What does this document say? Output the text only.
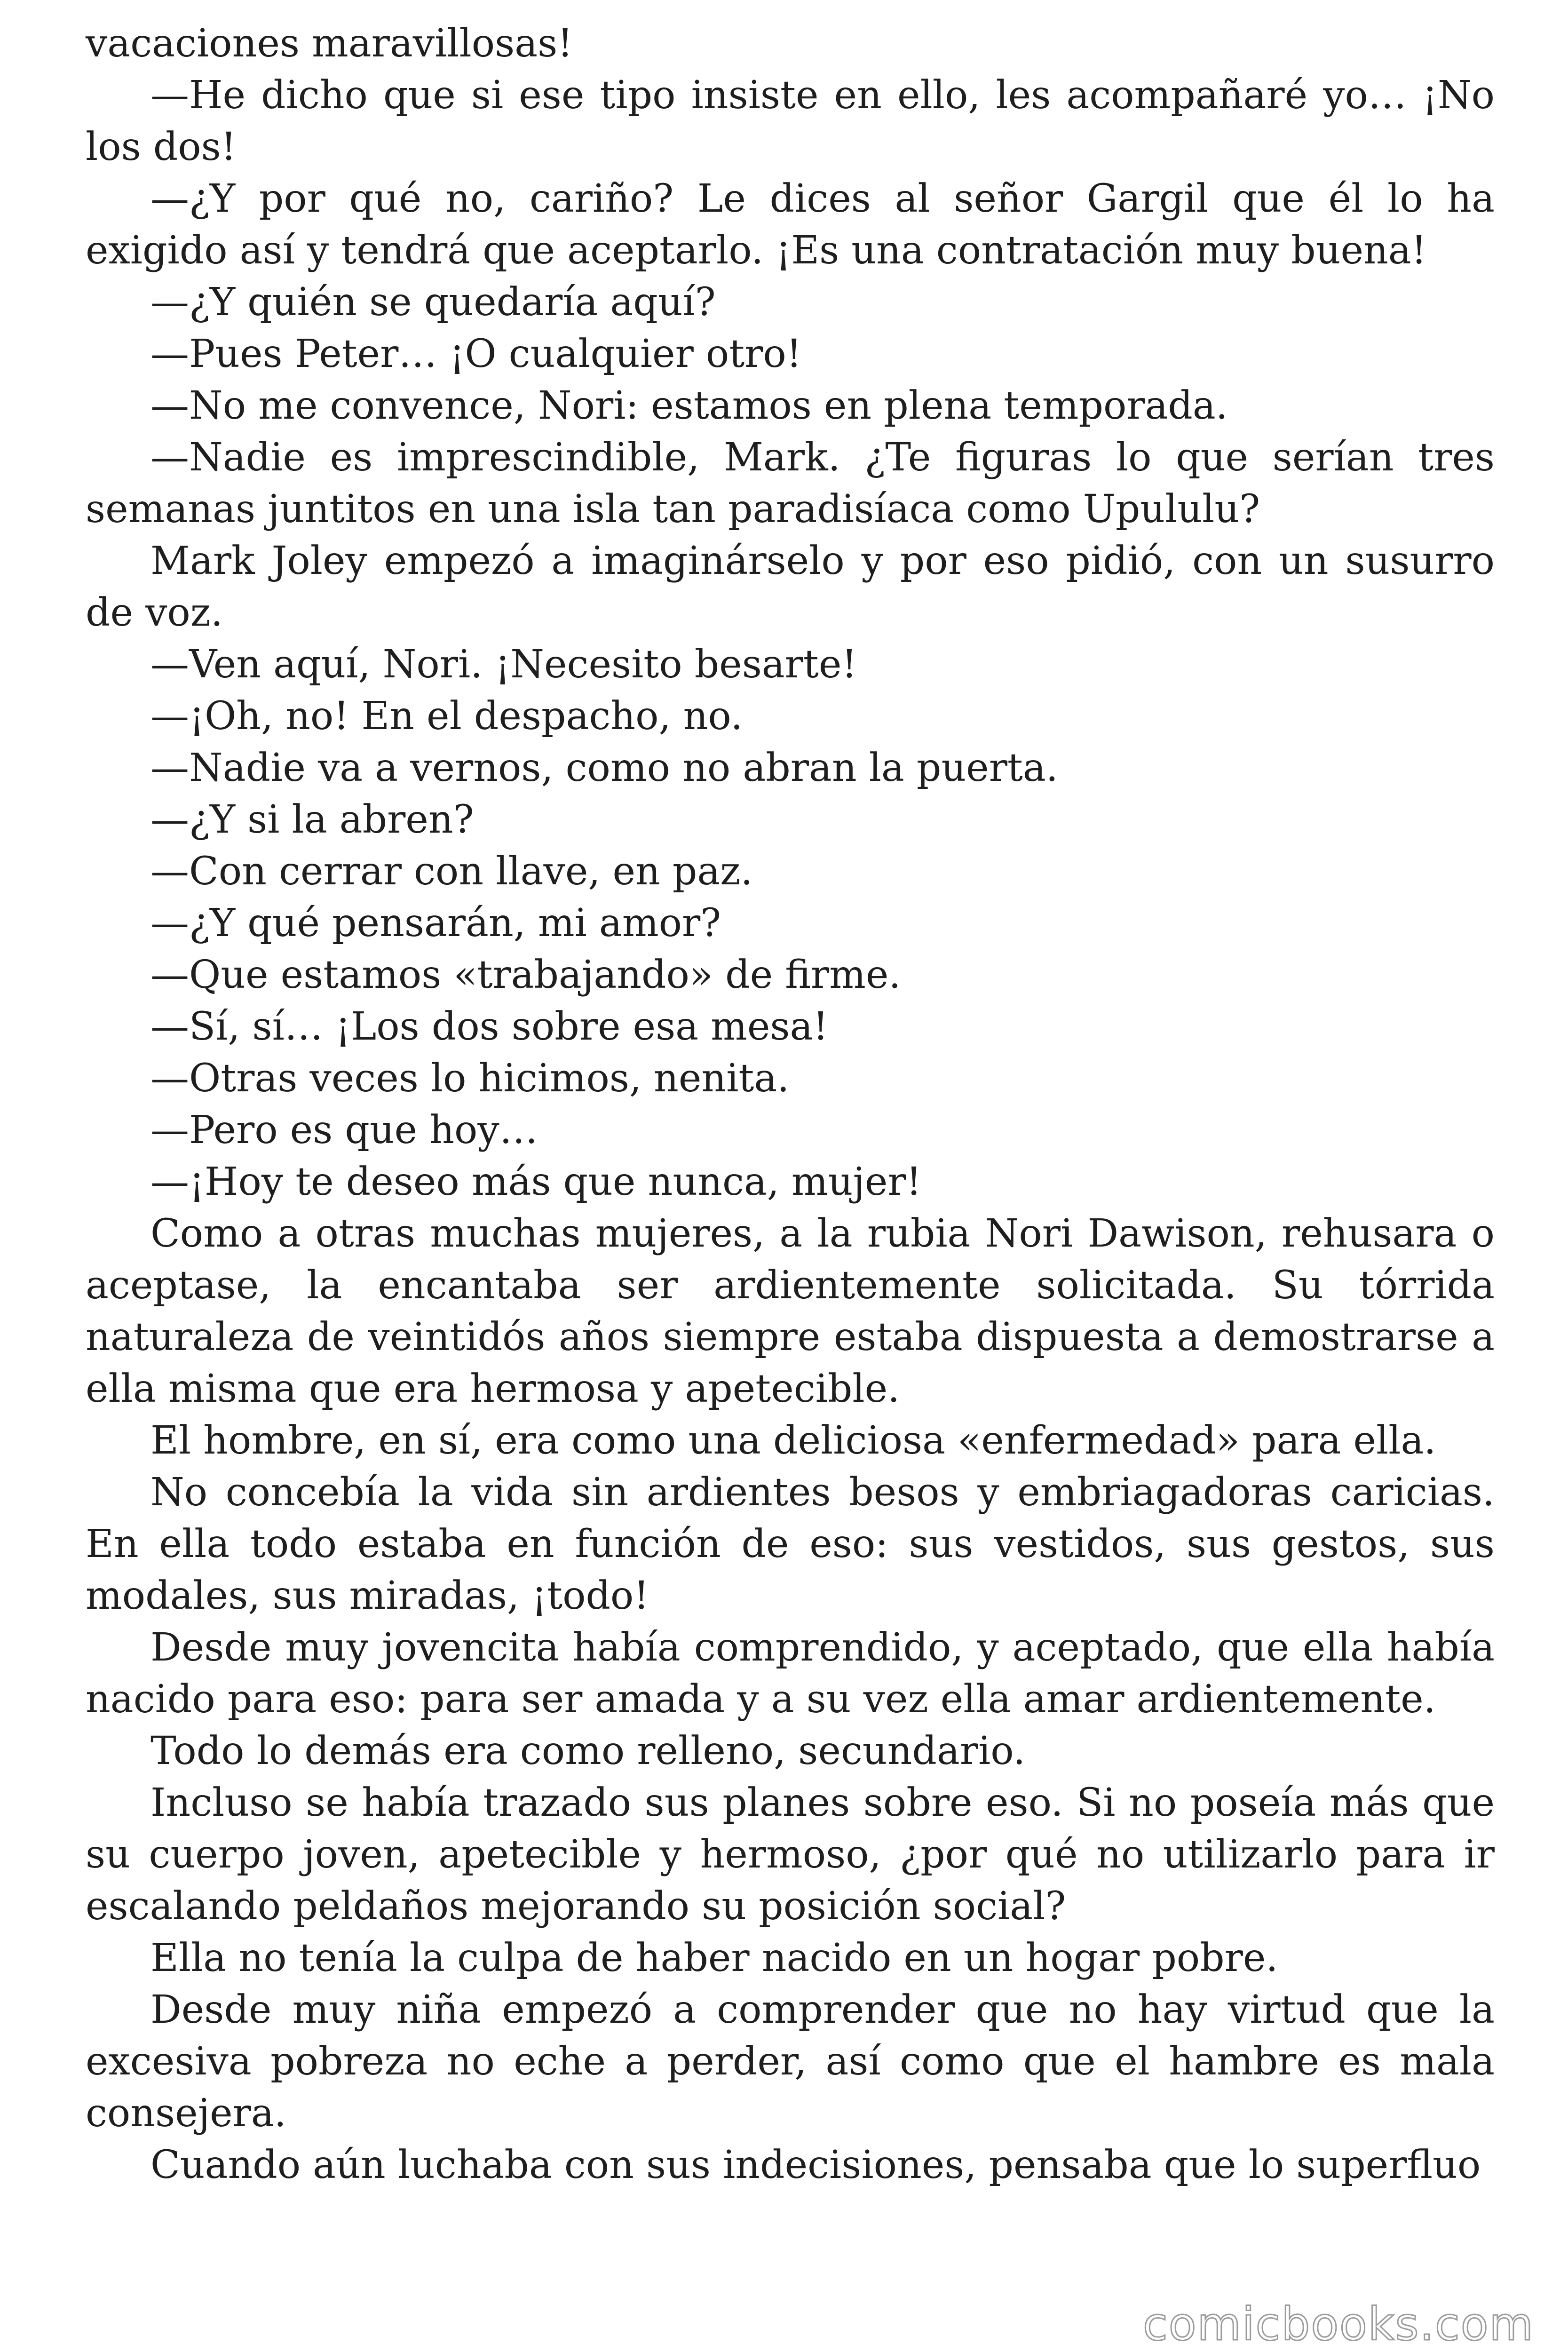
vacaciones maravillosas!

—He dicho que si ese tipo insiste en ello, les acompañaré yo… ¡No los dos!

—¿Y por qué no, cariño? Le dices al señor Gargil que él lo ha exigido así y tendrá que aceptarlo. ¡Es una contratación muy buena!

—¿Y quién se quedaría aquí?

—Pues Peter… ¡O cualquier otro!

—No me convence, Nori: estamos en plena temporada.

—Nadie es imprescindible, Mark. ¿Te figuras lo que serían tres semanas juntitos en una isla tan paradisíaca como Upululu?

Mark Joley empezó a imaginárselo y por eso pidió, con un susurro de voz.

—Ven aquí, Nori. ¡Necesito besarte!

—¡Oh, no! En el despacho, no.

—Nadie va a vernos, como no abran la puerta.

—¿Y si la abren?

—Con cerrar con llave, en paz.

—¿Y qué pensarán, mi amor?

—Que estamos «trabajando» de firme.

—Sí, sí… ¡Los dos sobre esa mesa!

—Otras veces lo hicimos, nenita.

—Pero es que hoy…

—¡Hoy te deseo más que nunca, mujer!

Como a otras muchas mujeres, a la rubia Nori Dawison, rehusara o aceptase, la encantaba ser ardientemente solicitada. Su tórrida naturaleza de veintidós años siempre estaba dispuesta a demostrarse a ella misma que era hermosa y apetecible.

El hombre, en sí, era como una deliciosa «enfermedad» para ella.

No concebía la vida sin ardientes besos y embriagadoras caricias. En ella todo estaba en función de eso: sus vestidos, sus gestos, sus modales, sus miradas, ¡todo!

Desde muy jovencita había comprendido, y aceptado, que ella había nacido para eso: para ser amada y a su vez ella amar ardientemente.

Todo lo demás era como relleno, secundario.

Incluso se había trazado sus planes sobre eso. Si no poseía más que su cuerpo joven, apetecible y hermoso, ¿por qué no utilizarlo para ir escalando peldaños mejorando su posición social?

Ella no tenía la culpa de haber nacido en un hogar pobre.

Desde muy niña empezó a comprender que no hay virtud que la excesiva pobreza no eche a perder, así como que el hambre es mala consejera.

Cuando aún luchaba con sus indecisiones, pensaba que lo superfluo

comicbooks.com
